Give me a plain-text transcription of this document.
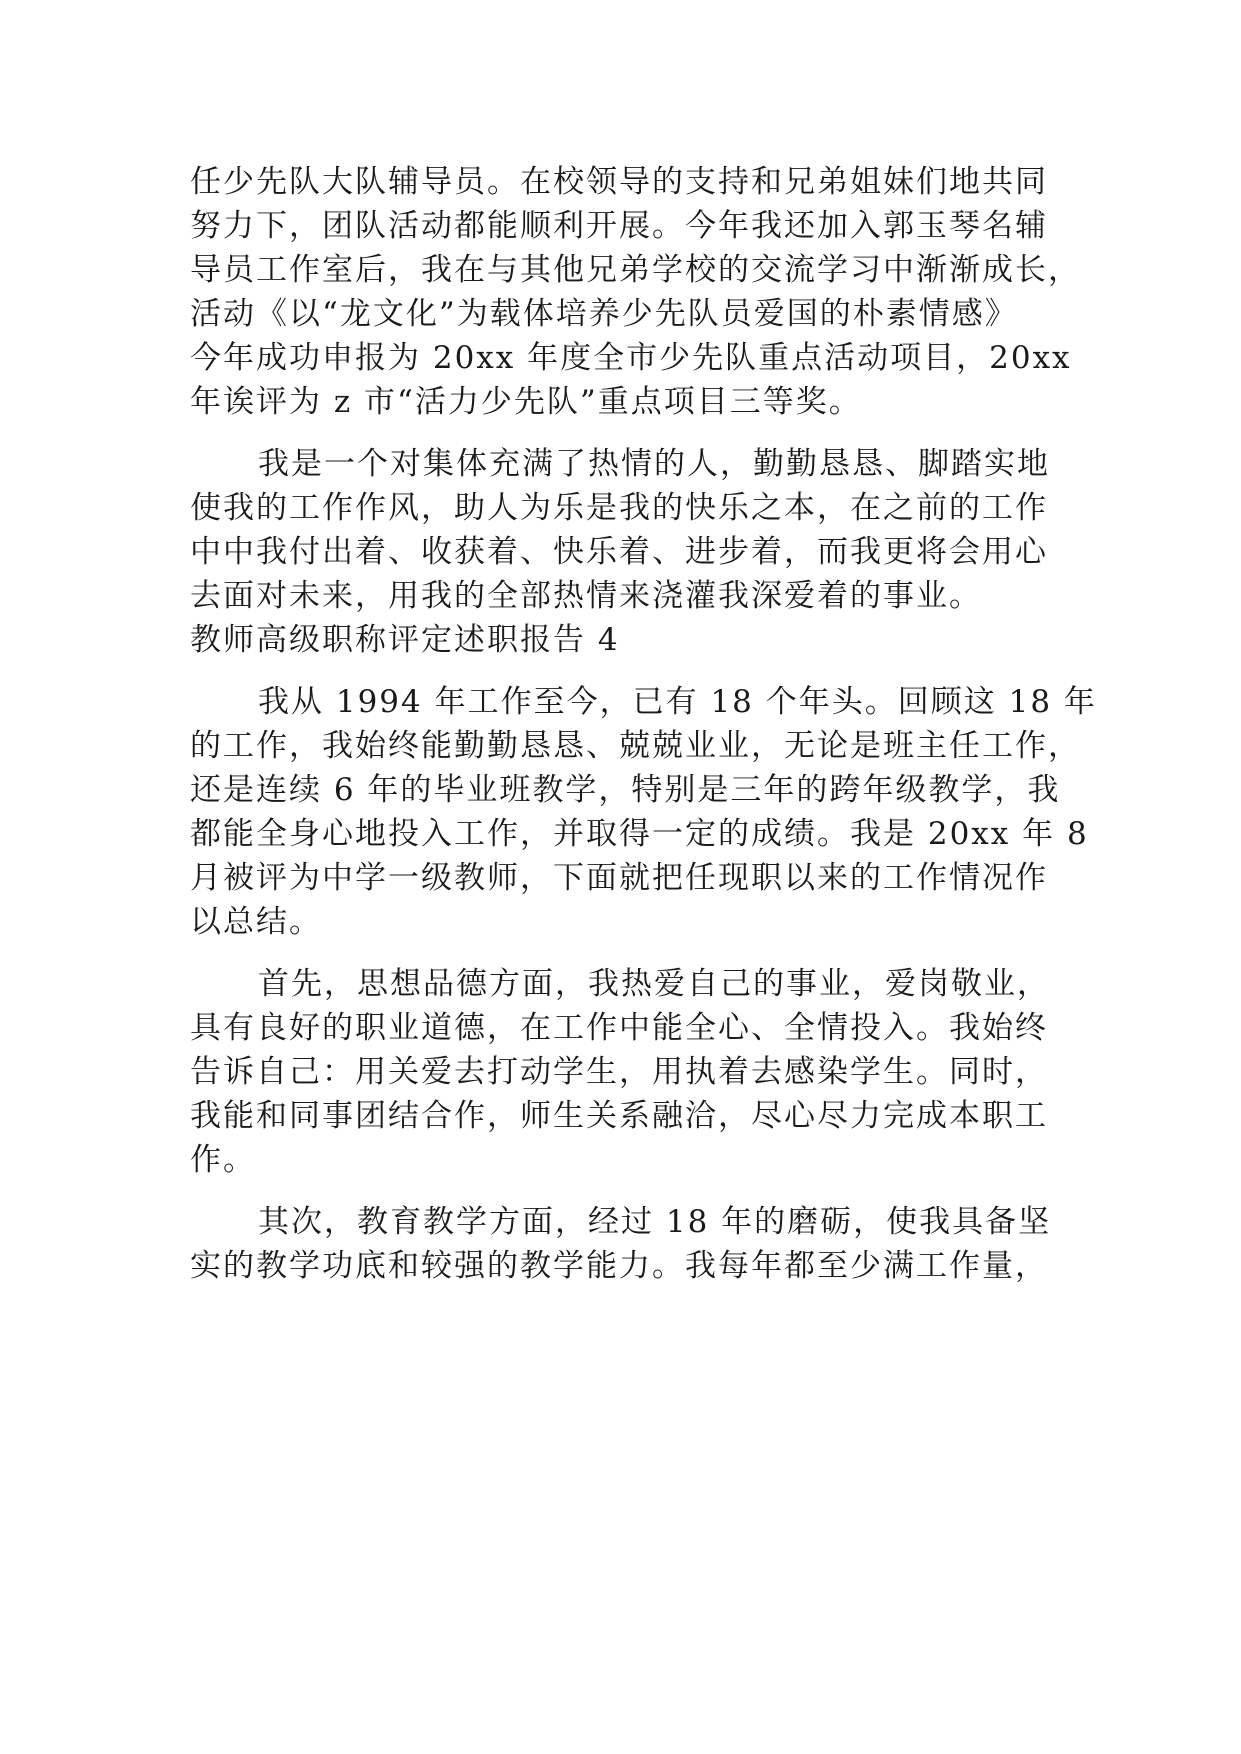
任少先队大队辅导员。在校领导的支持和兄弟姐妹们地共同

努力下，团队活动都能顺利开展。今年我还加入郭玉琴名辅

导员工作室后，我在与其他兄弟学校的交流学习中渐渐成长，

活动《以“龙文化”为载体培养少先队员爱国的朴素情感》

今年成功申报为 20xx 年度全市少先队重点活动项目，20xx

年诶评为 z 市“活力少先队”重点项目三等奖。

我是一个对集体充满了热情的人，勤勤恳恳、脚踏实地

使我的工作作风，助人为乐是我的快乐之本，在之前的工作

中中我付出着、收获着、快乐着、进步着，而我更将会用心

去面对未来，用我的全部热情来浇灌我深爱着的事业。

教师高级职称评定述职报告 4

我从 1994 年工作至今，已有 18 个年头。回顾这 18 年

的工作，我始终能勤勤恳恳、兢兢业业，无论是班主任工作，

还是连续 6 年的毕业班教学，特别是三年的跨年级教学，我

都能全身心地投入工作，并取得一定的成绩。我是 20xx 年 8

月被评为中学一级教师，下面就把任现职以来的工作情况作

以总结。

首先，思想品德方面，我热爱自己的事业，爱岗敬业，

具有良好的职业道德，在工作中能全心、全情投入。我始终

告诉自己：用关爱去打动学生，用执着去感染学生。同时，

我能和同事团结合作，师生关系融洽，尽心尽力完成本职工

作。

其次，教育教学方面，经过 18 年的磨砺，使我具备坚

实的教学功底和较强的教学能力。我每年都至少满工作量，
